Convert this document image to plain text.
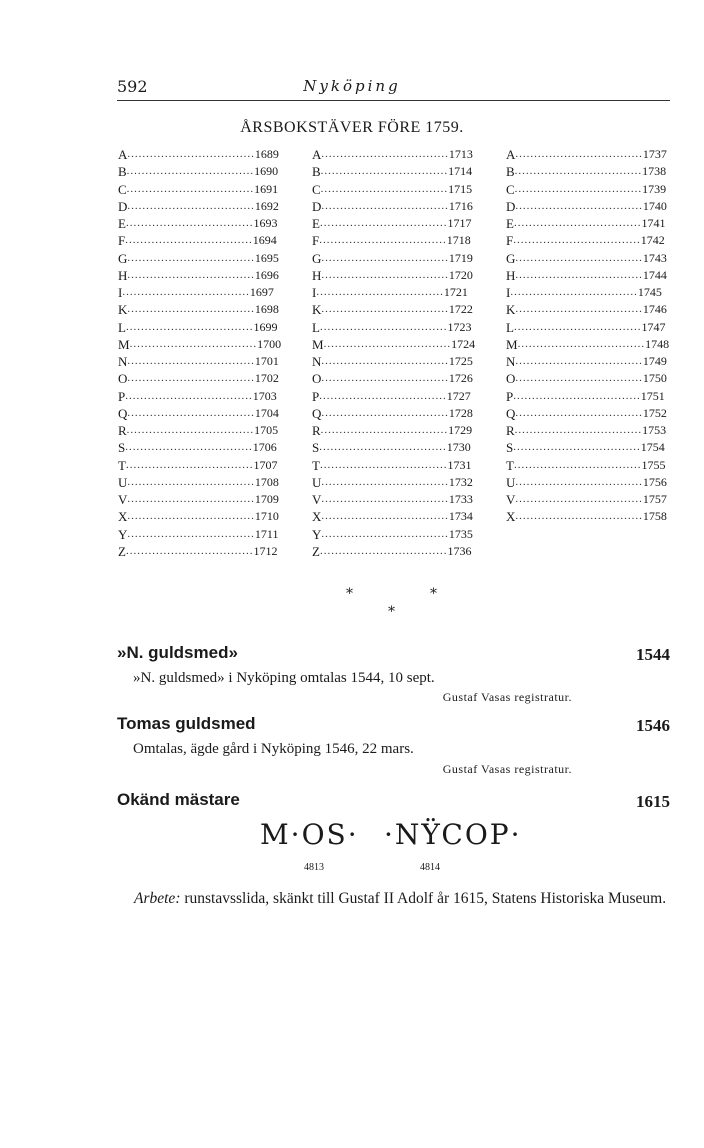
592	Nyköping
ÅRSBOKSTÄVER FÖRE 1759.
A .................................. 1689
B .................................. 1690
C .................................. 1691
D .................................. 1692
E .................................. 1693
F .................................. 1694
G .................................. 1695
H .................................. 1696
I .................................. 1697
K .................................. 1698
L .................................. 1699
M .................................. 1700
N .................................. 1701
O .................................. 1702
P .................................. 1703
Q .................................. 1704
R .................................. 1705
S .................................. 1706
T .................................. 1707
U .................................. 1708
V .................................. 1709
X .................................. 1710
Y .................................. 1711
Z .................................. 1712
A .................................. 1713
B .................................. 1714
C .................................. 1715
D .................................. 1716
E .................................. 1717
F .................................. 1718
G .................................. 1719
H .................................. 1720
I .................................. 1721
K .................................. 1722
L .................................. 1723
M .................................. 1724
N .................................. 1725
O .................................. 1726
P .................................. 1727
Q .................................. 1728
R .................................. 1729
S .................................. 1730
T .................................. 1731
U .................................. 1732
V .................................. 1733
X .................................. 1734
Y .................................. 1735
Z .................................. 1736
A .................................. 1737
B .................................. 1738
C .................................. 1739
D .................................. 1740
E .................................. 1741
F .................................. 1742
G .................................. 1743
H .................................. 1744
I .................................. 1745
K .................................. 1746
L .................................. 1747
M .................................. 1748
N .................................. 1749
O .................................. 1750
P .................................. 1751
Q .................................. 1752
R .................................. 1753
S .................................. 1754
T .................................. 1755
U .................................. 1756
V .................................. 1757
X .................................. 1758
*	*
*
»N. guldsmed»	1544
»N. guldsmed» i Nyköping omtalas 1544, 10 sept.
Gustaf Vasas registratur.
Tomas guldsmed	1546
Omtalas, ägde gård i Nyköping 1546, 22 mars.
Gustaf Vasas registratur.
Okänd mästare	1615
M·OS· ·NŸCOP·
4813	4814
Arbete: runstavsslida, skänkt till Gustaf II Adolf år 1615, Statens Historiska Museum.
